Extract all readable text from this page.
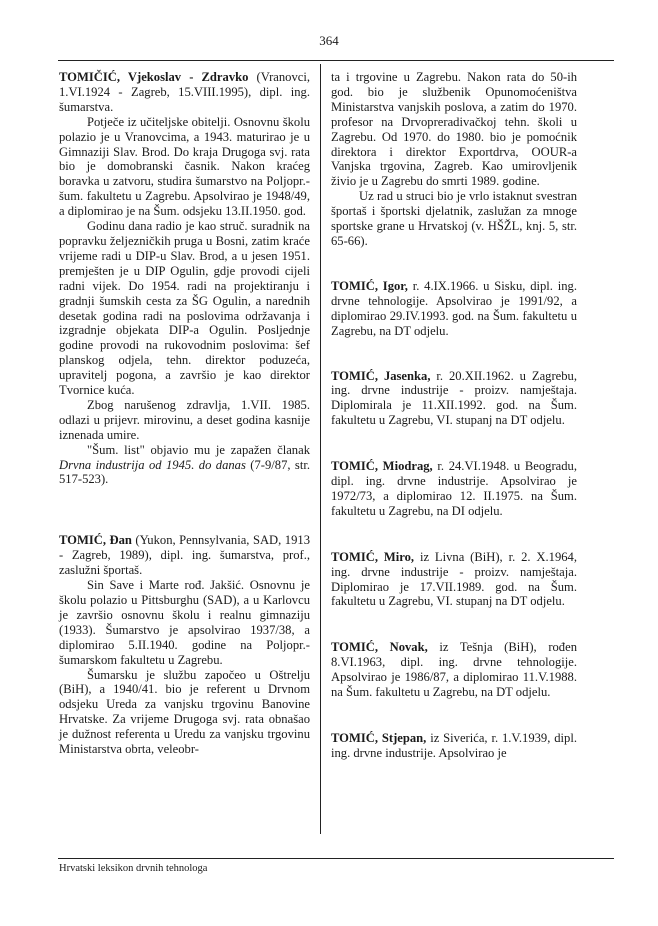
364

TOMIČIĆ, Vjekoslav - Zdravko (Vranovci, 1.VI.1924 - Zagreb, 15.VIII.1995), dipl. ing. šumarstva.

Potječe iz učiteljske obitelji. Osnovnu školu polazio je u Vranovcima, a 1943. maturirao je u Gimnaziji Slav. Brod. Do kraja Drugoga svj. rata bio je domobranski časnik. Nakon kraćeg boravka u zatvoru, studira šumarstvo na Poljopr.-šum. fakultetu u Zagrebu. Apsolvirao je 1948/49, a diplomirao je na Šum. odsjeku 13.II.1950. god.

Godinu dana radio je kao struč. suradnik na popravku željezničkih pruga u Bosni, zatim kraće vrijeme radi u DIP-u Slav. Brod, a u jesen 1951. premješten je u DIP Ogulin, gdje provodi cijeli radni vijek. Do 1954. radi na projektiranju i gradnji šumskih cesta za ŠG Ogulin, a narednih desetak godina radi na poslovima održavanja i izgradnje objekata DIP-a Ogulin. Posljednje godine provodi na rukovodnim poslovima: šef planskog odjela, tehn. direktor poduzeća, upravitelj pogona, a završio je kao direktor Tvornice kuća.

Zbog narušenog zdravlja, 1.VII. 1985. odlazi u prijevr. mirovinu, a deset godina kasnije iznenada umire.

"Šum. list" objavio mu je zapažen članak Drvna industrija od 1945. do danas (7-9/87, str. 517-523).

TOMIĆ, Đan (Yukon, Pennsylvania, SAD, 1913 - Zagreb, 1989), dipl. ing. šumarstva, prof., zaslužni športaš.

Sin Save i Marte rođ. Jakšić. Osnovnu je školu polazio u Pittsburghu (SAD), a u Karlovcu je završio osnovnu školu i realnu gimnaziju (1933). Šumarstvo je apsolvirao 1937/38, a diplomirao 5.II.1940. godine na Poljopr.-šumarskom fakultetu u Zagrebu.

Šumarsku je službu započeo u Oštrelju (BiH), a 1940/41. bio je referent u Drvnom odsjeku Ureda za vanjsku trgovinu Banovine Hrvatske. Za vrijeme Drugoga svj. rata obnašao je dužnost referenta u Uredu za vanjsku trgovinu Ministarstva obrta, veleobr-

ta i trgovine u Zagrebu. Nakon rata do 50-ih god. bio je službenik Opunomoćeništva Ministarstva vanjskih poslova, a zatim do 1970. profesor na Drvopreradivačkoj tehn. školi u Zagrebu. Od 1970. do 1980. bio je pomoćnik direktora i direktor Exportdrva, OOUR-a Vanjska trgovina, Zagreb. Kao umirovljenik živio je u Zagrebu do smrti 1989. godine.

Uz rad u struci bio je vrlo istaknut svestran športaš i športski djelatnik, zaslužan za mnoge sportske grane u Hrvatskoj (v. HŠŽL, knj. 5, str. 65-66).

TOMIĆ, Igor, r. 4.IX.1966. u Sisku, dipl. ing. drvne tehnologije. Apsolvirao je 1991/92, a diplomirao 29.IV.1993. god. na Šum. fakultetu u Zagrebu, na DT odjelu.

TOMIĆ, Jasenka, r. 20.XII.1962. u Zagrebu, ing. drvne industrije - proizv. namještaja. Diplomirala je 11.XII.1992. god. na Šum. fakultetu u Zagrebu, VI. stupanj na DT odjelu.

TOMIĆ, Miodrag, r. 24.VI.1948. u Beogradu, dipl. ing. drvne industrije. Apsolvirao je 1972/73, a diplomirao 12. II.1975. na Šum. fakultetu u Zagrebu, na DI odjelu.

TOMIĆ, Miro, iz Livna (BiH), r. 2. X.1964, ing. drvne industrije - proizv. namještaja. Diplomirao je 17.VII.1989. god. na Šum. fakultetu u Zagrebu, VI. stupanj na DT odjelu.

TOMIĆ, Novak, iz Tešnja (BiH), rođen 8.VI.1963, dipl. ing. drvne tehnologije. Apsolvirao je 1986/87, a diplomirao 11.V.1988. na Šum. fakultetu u Zagrebu, na DT odjelu.

TOMIĆ, Stjepan, iz Siverića, r. 1.V.1939, dipl. ing. drvne industrije. Apsolvirao je

Hrvatski leksikon drvnih tehnologa
